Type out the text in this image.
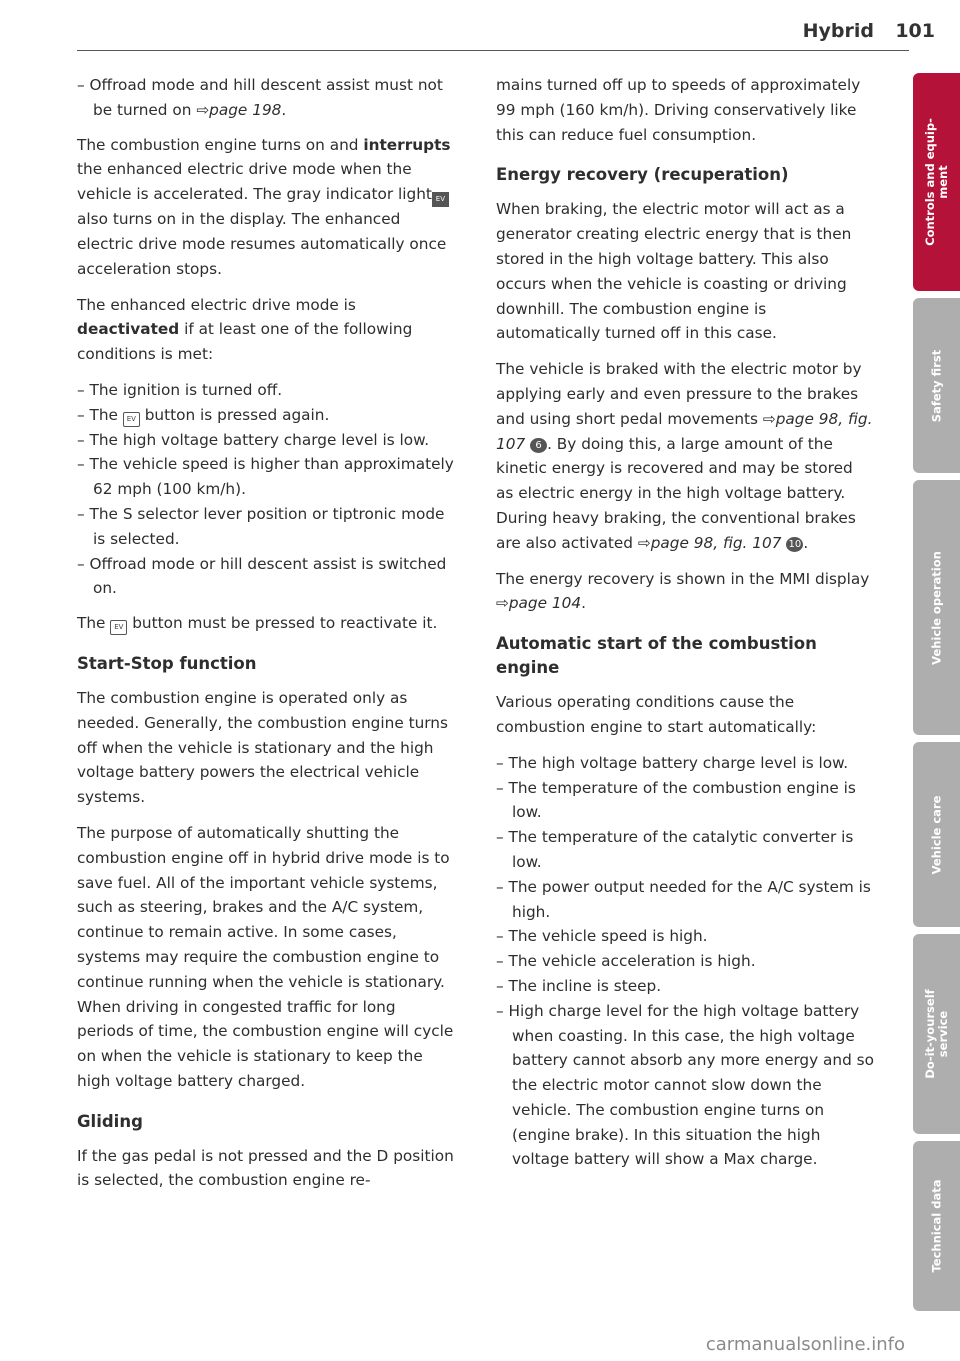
Hybrid 101
– Offroad mode and hill descent assist must not be turned on ⇨page 198.

The combustion engine turns on and interrupts the enhanced electric drive mode when the vehicle is accelerated. The gray indicator light EV also turns on in the display. The enhanced electric drive mode resumes automatically once acceleration stops.

The enhanced electric drive mode is deactivated if at least one of the following conditions is met:

– The ignition is turned off.
– The EV button is pressed again.
– The high voltage battery charge level is low.
– The vehicle speed is higher than approximately 62 mph (100 km/h).
– The S selector lever position or tiptronic mode is selected.
– Offroad mode or hill descent assist is switched on.

The EV button must be pressed to reactivate it.

Start-Stop function

The combustion engine is operated only as needed. Generally, the combustion engine turns off when the vehicle is stationary and the high voltage battery powers the electrical vehicle systems.

The purpose of automatically shutting the combustion engine off in hybrid drive mode is to save fuel. All of the important vehicle systems, such as steering, brakes and the A/C system, continue to remain active. In some cases, systems may require the combustion engine to continue running when the vehicle is stationary. When driving in congested traffic for long periods of time, the combustion engine will cycle on when the vehicle is stationary to keep the high voltage battery charged.

Gliding

If the gas pedal is not pressed and the D position is selected, the combustion engine re-

mains turned off up to speeds of approximately 99 mph (160 km/h). Driving conservatively like this can reduce fuel consumption.

Energy recovery (recuperation)

When braking, the electric motor will act as a generator creating electric energy that is then stored in the high voltage battery. This also occurs when the vehicle is coasting or driving downhill. The combustion engine is automatically turned off in this case.

The vehicle is braked with the electric motor by applying early and even pressure to the brakes and using short pedal movements ⇨page 98, fig. 107 6 . By doing this, a large amount of the kinetic energy is recovered and may be stored as electric energy in the high voltage battery. During heavy braking, the conventional brakes are also activated ⇨page 98, fig. 107 10 .

The energy recovery is shown in the MMI display ⇨page 104.

Automatic start of the combustion engine

Various operating conditions cause the combustion engine to start automatically:

– The high voltage battery charge level is low.
– The temperature of the combustion engine is low.
– The temperature of the catalytic converter is low.
– The power output needed for the A/C system is high.
– The vehicle speed is high.
– The vehicle acceleration is high.
– The incline is steep.
– High charge level for the high voltage battery when coasting. In this case, the high voltage battery cannot absorb any more energy and so the electric motor cannot slow down the vehicle. The combustion engine turns on (engine brake). In this situation the high voltage battery will show a Max charge.
Controls and equip-
ment
Safety first
Vehicle operation
Vehicle care
Do-it-yourself
service
Technical data
carmanualsonline.info
